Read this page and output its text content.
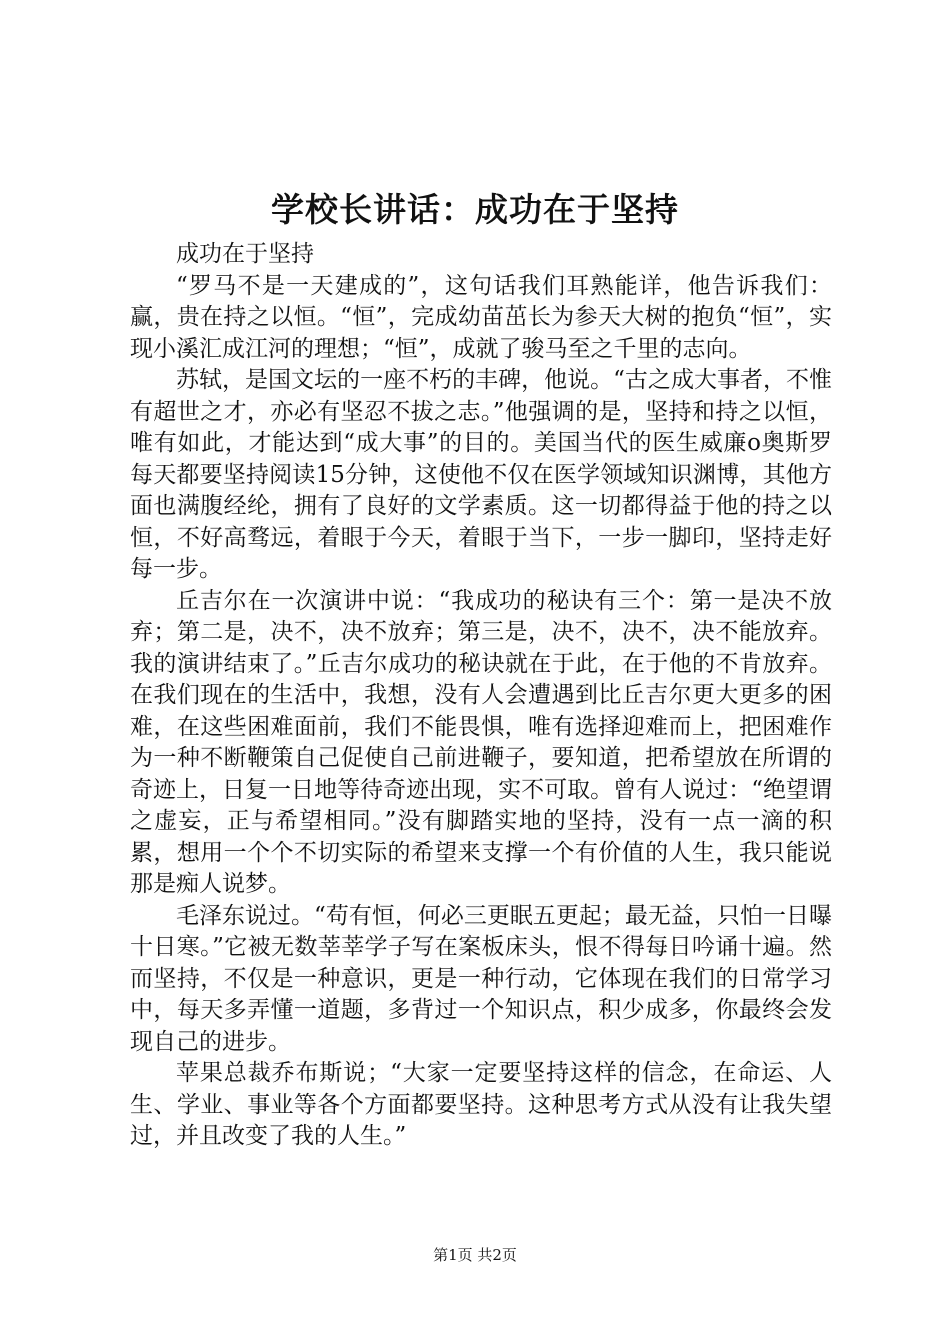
学校长讲话：成功在于坚持

成功在于坚持

“罗马不是一天建成的”，这句话我们耳熟能详，他告诉我们：赢，贵在持之以恒。“恒”，完成幼苗茁长为参天大树的抱负“恒”，实现小溪汇成江河的理想；“恒”，成就了骏马至之千里的志向。

苏轼，是国文坛的一座不朽的丰碑，他说。“古之成大事者，不惟有超世之才，亦必有坚忍不拔之志。”他强调的是，坚持和持之以恒，唯有如此，才能达到“成大事”的目的。美国当代的医生威廉o奥斯罗每天都要坚持阅读15分钟，这使他不仅在医学领域知识渊博，其他方面也满腹经纶，拥有了良好的文学素质。这一切都得益于他的持之以恒，不好高骛远，着眼于今天，着眼于当下，一步一脚印，坚持走好每一步。

丘吉尔在一次演讲中说：“我成功的秘诀有三个：第一是决不放弃；第二是，决不，决不放弃；第三是，决不，决不，决不能放弃。我的演讲结束了。”丘吉尔成功的秘诀就在于此，在于他的不肯放弃。在我们现在的生活中，我想，没有人会遭遇到比丘吉尔更大更多的困难，在这些困难面前，我们不能畏惧，唯有选择迎难而上，把困难作为一种不断鞭策自己促使自己前进鞭子，要知道，把希望放在所谓的奇迹上，日复一日地等待奇迹出现，实不可取。曾有人说过：“绝望谓之虚妄，正与希望相同。”没有脚踏实地的坚持，没有一点一滴的积累，想用一个个不切实际的希望来支撑一个有价值的人生，我只能说那是痴人说梦。

毛泽东说过。“苟有恒，何必三更眠五更起；最无益，只怕一日曝十日寒。”它被无数莘莘学子写在案板床头，恨不得每日吟诵十遍。然而坚持，不仅是一种意识，更是一种行动，它体现在我们的日常学习中，每天多弄懂一道题，多背过一个知识点，积少成多，你最终会发现自己的进步。

苹果总裁乔布斯说；“大家一定要坚持这样的信念，在命运、人生、学业、事业等各个方面都要坚持。这种思考方式从没有让我失望过，并且改变了我的人生。”

第1页 共2页
